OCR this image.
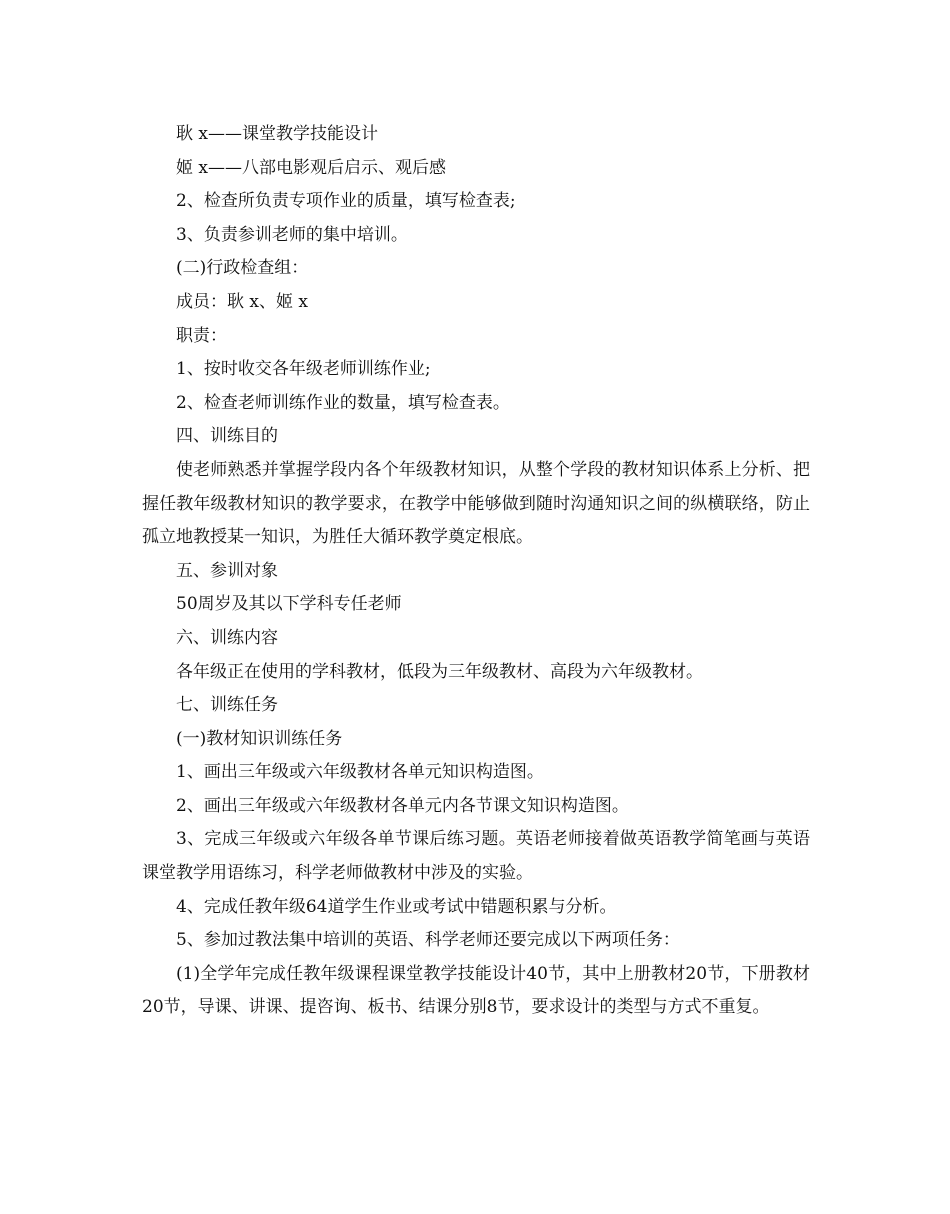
耿 x——课堂教学技能设计

姬 x——八部电影观后启示、观后感

2、检查所负责专项作业的质量，填写检查表;

3、负责参训老师的集中培训。

(二)行政检查组：

成员：耿 x、姬 x

职责：

1、按时收交各年级老师训练作业;

2、检查老师训练作业的数量，填写检查表。

四、训练目的

使老师熟悉并掌握学段内各个年级教材知识，从整个学段的教材知识体系上分析、把握任教年级教材知识的教学要求，在教学中能够做到随时沟通知识之间的纵横联络，防止孤立地教授某一知识，为胜任大循环教学奠定根底。

五、参训对象

50周岁及其以下学科专任老师

六、训练内容

各年级正在使用的学科教材，低段为三年级教材、高段为六年级教材。

七、训练任务

(一)教材知识训练任务

1、画出三年级或六年级教材各单元知识构造图。

2、画出三年级或六年级教材各单元内各节课文知识构造图。

3、完成三年级或六年级各单节课后练习题。英语老师接着做英语教学简笔画与英语课堂教学用语练习，科学老师做教材中涉及的实验。

4、完成任教年级64道学生作业或考试中错题积累与分析。

5、参加过教法集中培训的英语、科学老师还要完成以下两项任务：

(1)全学年完成任教年级课程课堂教学技能设计40节，其中上册教材20节，下册教材20节，导课、讲课、提咨询、板书、结课分别8节，要求设计的类型与方式不重复。
